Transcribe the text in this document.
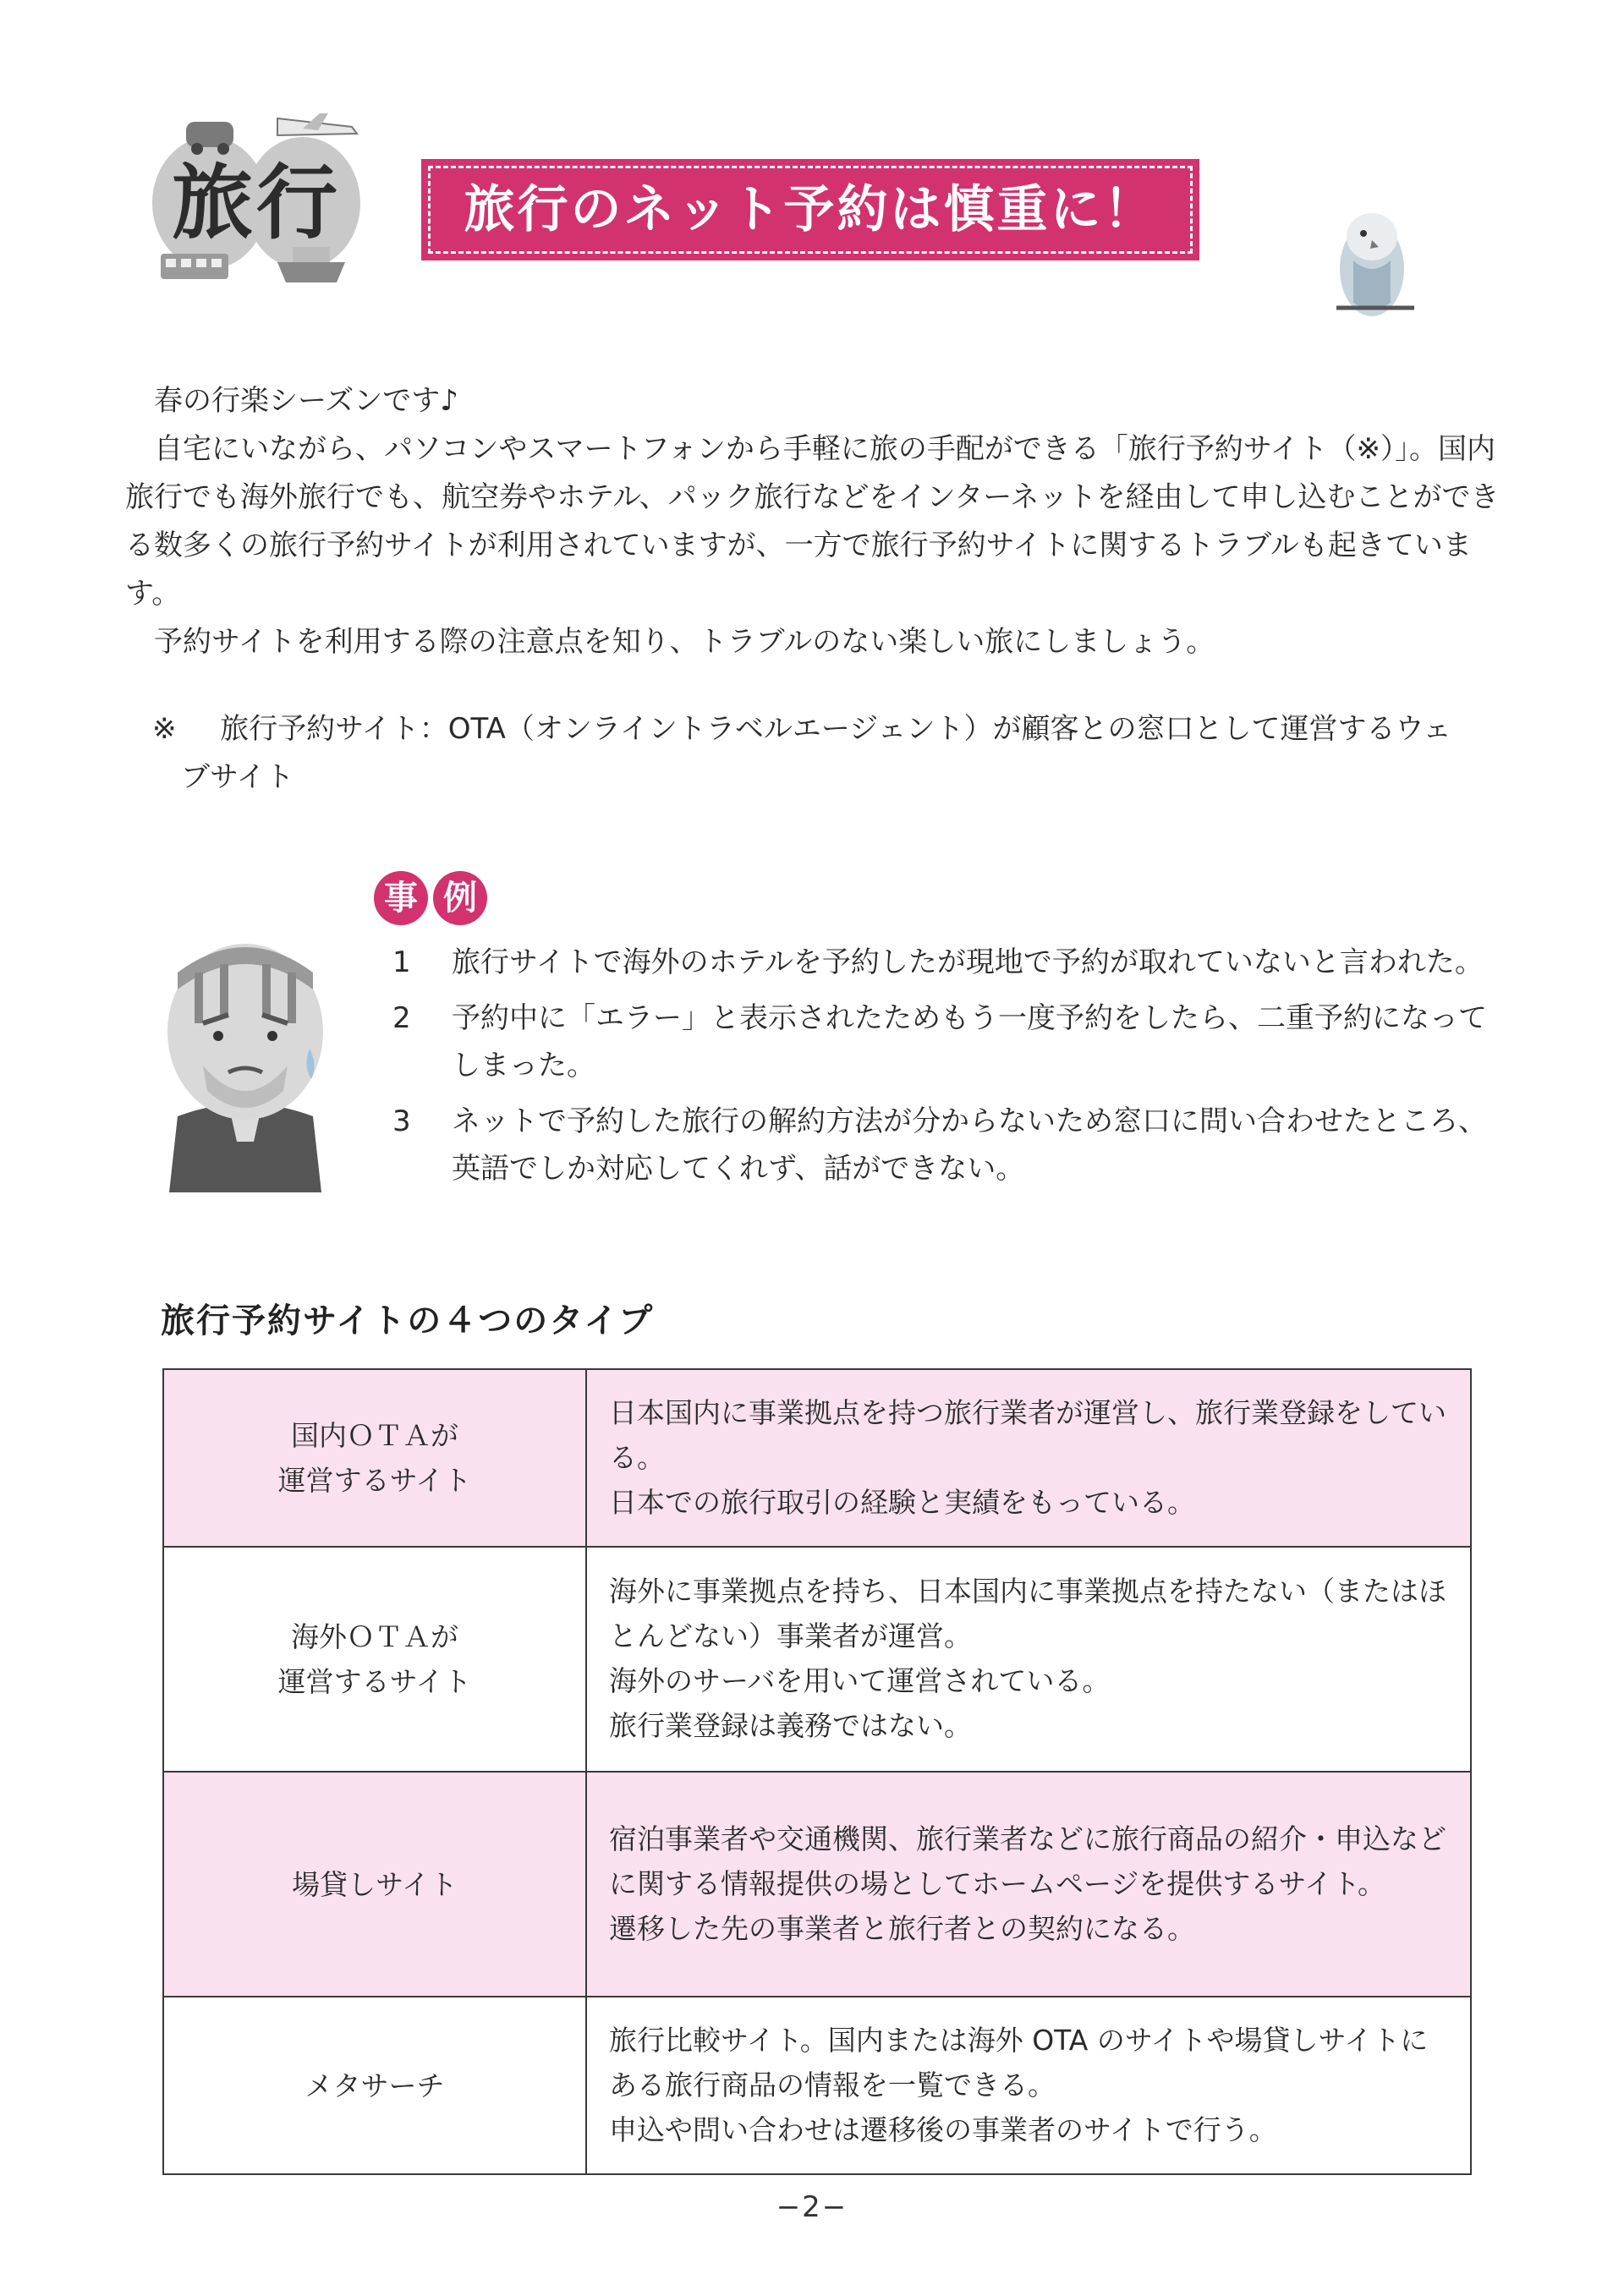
旅行	旅行のネット予約は慎重に！

春の行楽シーズンです♪

自宅にいながら、パソコンやスマートフォンから手軽に旅の手配ができる「旅行予約サイト（※）」。国内旅行でも海外旅行でも、航空券やホテル、パック旅行などをインターネットを経由して申し込むことができる数多くの旅行予約サイトが利用されていますが、一方で旅行予約サイトに関するトラブルも起きています。

予約サイトを利用する際の注意点を知り、トラブルのない楽しい旅にしましょう。

※ 旅行予約サイト：OTA（オンライントラベルエージェント）が顧客との窓口として運営するウェ
ブサイト
事 例
1	旅行サイトで海外のホテルを予約したが現地で予約が取れていないと言われた。
2	予約中に「エラー」と表示されたためもう一度予約をしたら、二重予約になってしまった。
3	ネットで予約した旅行の解約方法が分からないため窓口に問い合わせたところ、英語でしか対応してくれず、話ができない。
旅行予約サイトの４つのタイプ
国内ＯＴＡが
運営するサイト	日本国内に事業拠点を持つ旅行業者が運営し、旅行業登録をしている。
日本での旅行取引の経験と実績をもっている。

海外ＯＴＡが
運営するサイト	海外に事業拠点を持ち、日本国内に事業拠点を持たない（またはほとんどない）事業者が運営。
海外のサーバを用いて運営されている。
旅行業登録は義務ではない。

場貸しサイト	宿泊事業者や交通機関、旅行業者などに旅行商品の紹介・申込などに関する情報提供の場としてホームページを提供するサイト。
遷移した先の事業者と旅行者との契約になる。

メタサーチ	旅行比較サイト。国内または海外 OTA のサイトや場貸しサイトにある旅行商品の情報を一覧できる。
申込や問い合わせは遷移後の事業者のサイトで行う。
−2−
